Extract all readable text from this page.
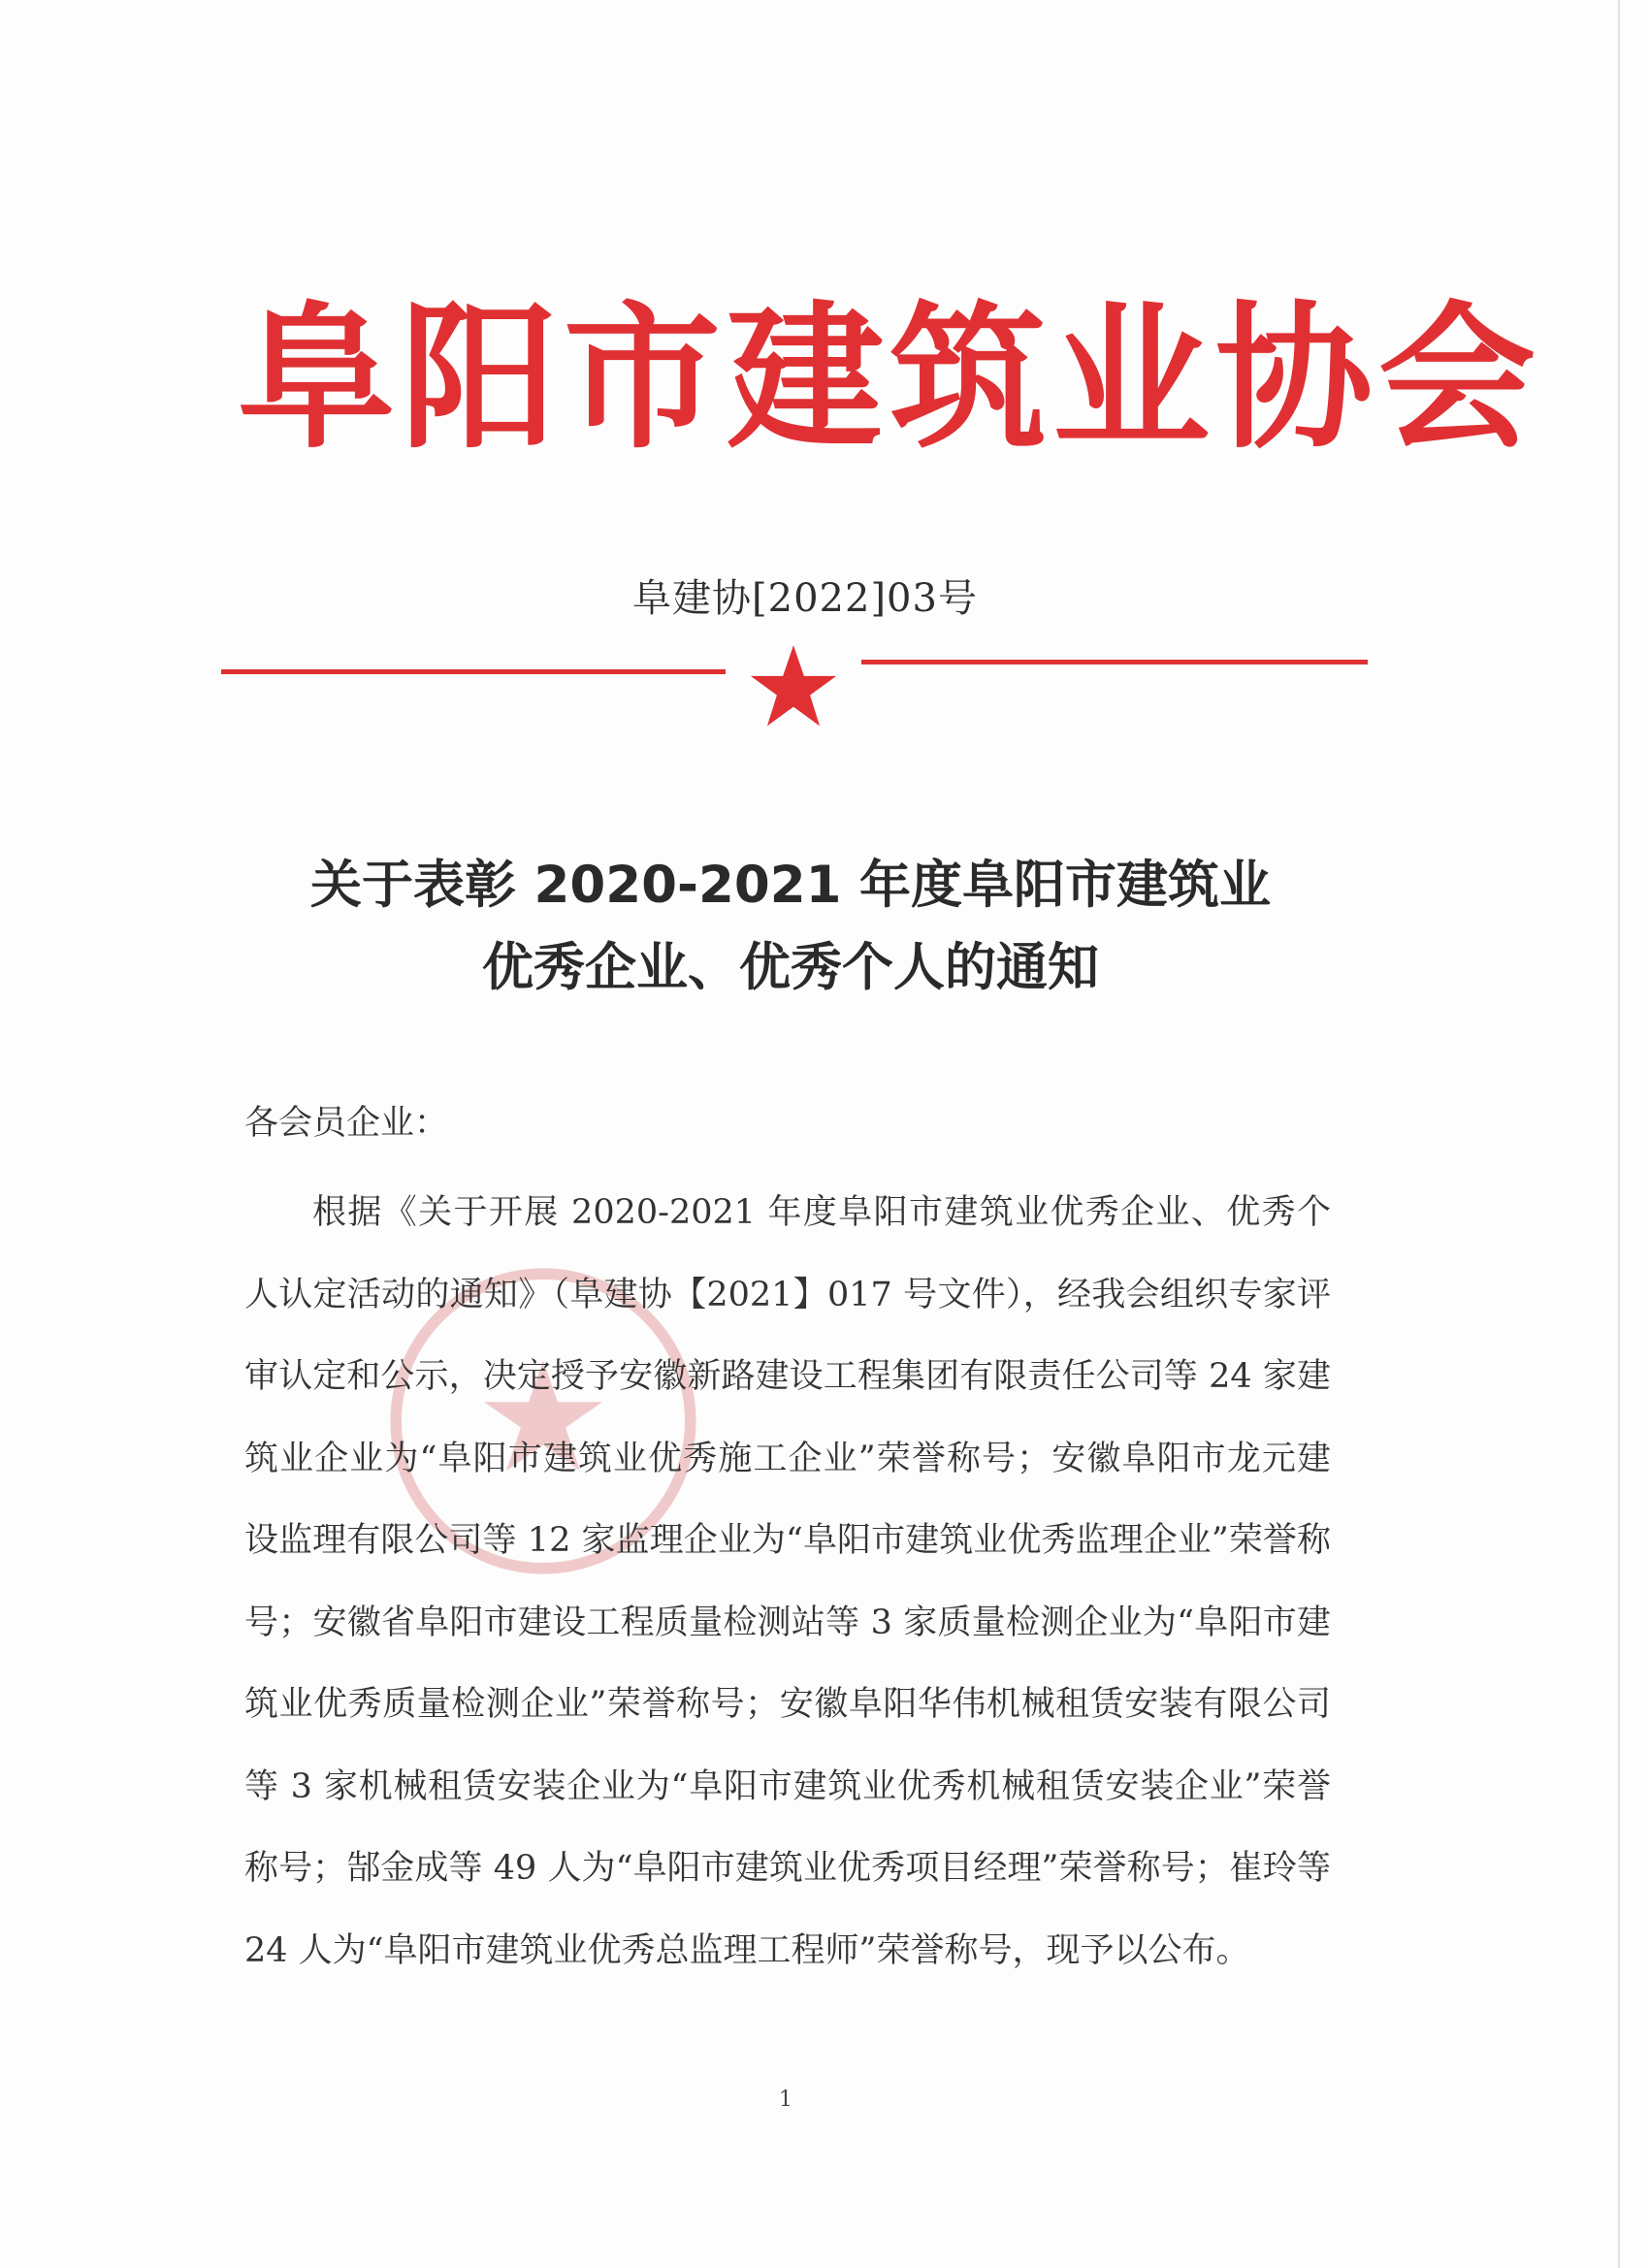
阜阳市建筑业协会
阜建协[2022]03号
关于表彰 2020-2021 年度阜阳市建筑业
优秀企业、优秀个人的通知
各会员企业：
根据《关于开展 2020-2021 年度阜阳市建筑业优秀企业、优秀个人认定活动的通知》（阜建协【2021】017 号文件），经我会组织专家评审认定和公示，决定授予安徽新路建设工程集团有限责任公司等 24 家建筑业企业为“阜阳市建筑业优秀施工企业”荣誉称号；安徽阜阳市龙元建设监理有限公司等 12 家监理企业为“阜阳市建筑业优秀监理企业”荣誉称号；安徽省阜阳市建设工程质量检测站等 3 家质量检测企业为“阜阳市建筑业优秀质量检测企业”荣誉称号；安徽阜阳华伟机械租赁安装有限公司等 3 家机械租赁安装企业为“阜阳市建筑业优秀机械租赁安装企业”荣誉称号；郜金成等 49 人为“阜阳市建筑业优秀项目经理”荣誉称号；崔玲等 24 人为“阜阳市建筑业优秀总监理工程师”荣誉称号，现予以公布。
1
